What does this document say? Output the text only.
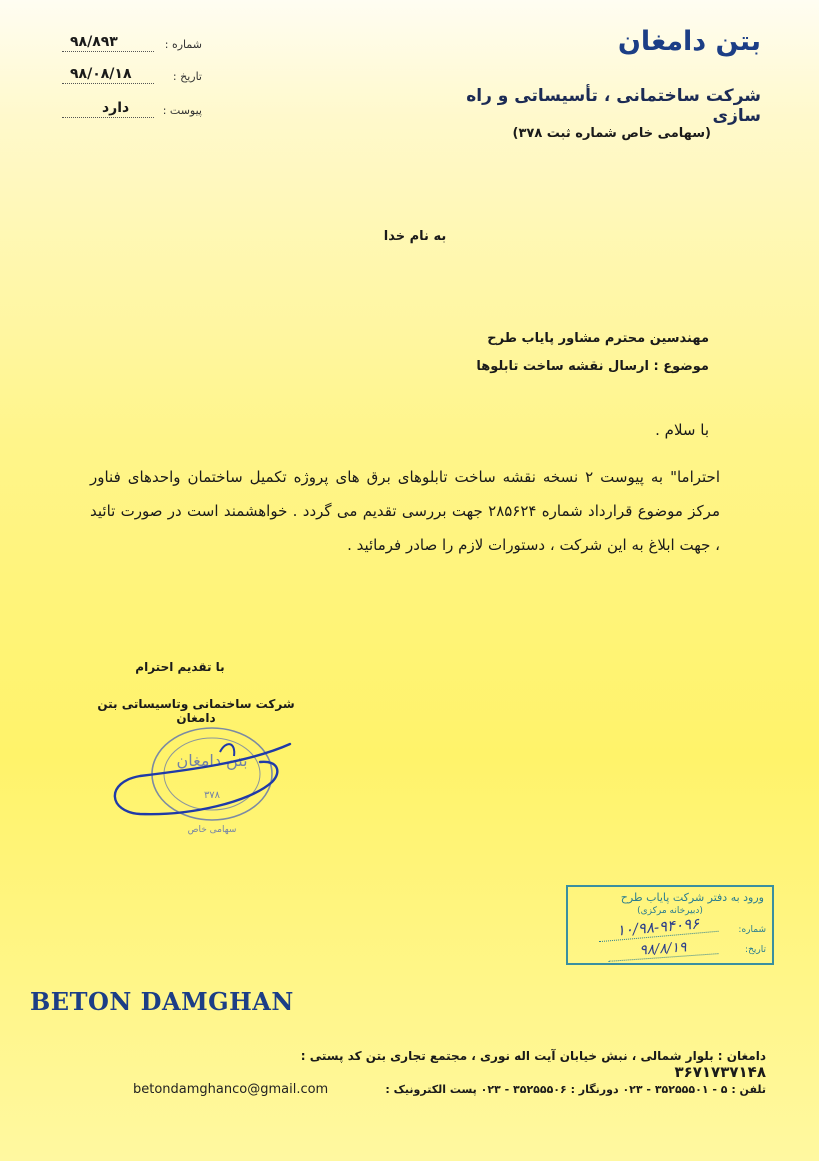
شماره :
۹۸/۸۹۳
تاریخ :
۹۸/۰۸/۱۸
پیوست :
دارد
بتن دامغان
شرکت ساختمانی ، تأسیساتی و راه سازی
(سهامی خاص شماره ثبت ۳۷۸)
به نام خدا
مهندسین محترم مشاور پایاب طرح
موضوع : ارسال نقشه ساخت تابلوها
با سلام .
احتراما" به پیوست ۲ نسخه نقشه ساخت تابلوهای برق های پروژه تکمیل ساختمان واحدهای فناور مرکز موضوع قرارداد شماره ۲۸۵۶۲۴ جهت بررسی تقدیم می گردد . خواهشمند است در صورت تائید ، جهت ابلاغ به این شرکت ، دستورات لازم را صادر فرمائید .
با تقدیم احترام
شرکت ساختمانی وتاسیساتی بتن دامغان
بتن دامغان
۳۷۸
سهامی خاص
ورود به دفتر شرکت پایاب طرح
(دبیرخانه مرکزی)
شماره:
۱۰/۹۸-۹۴۰۹۶
تاریخ:
۹۸/۸/۱۹
BETON DAMGHAN
دامغان : بلوار شمالی ، نبش خیابان آیت اله نوری ، مجتمع تجاری بتن کد پستی : ۳۶۷۱۷۳۷۱۴۸
betondamghanco@gmail.com	تلفن : ۵ - ۳۵۲۵۵۵۰۱ - ۰۲۳ دورنگار : ۳۵۲۵۵۵۰۶ - ۰۲۳ پست الکترونیک :
